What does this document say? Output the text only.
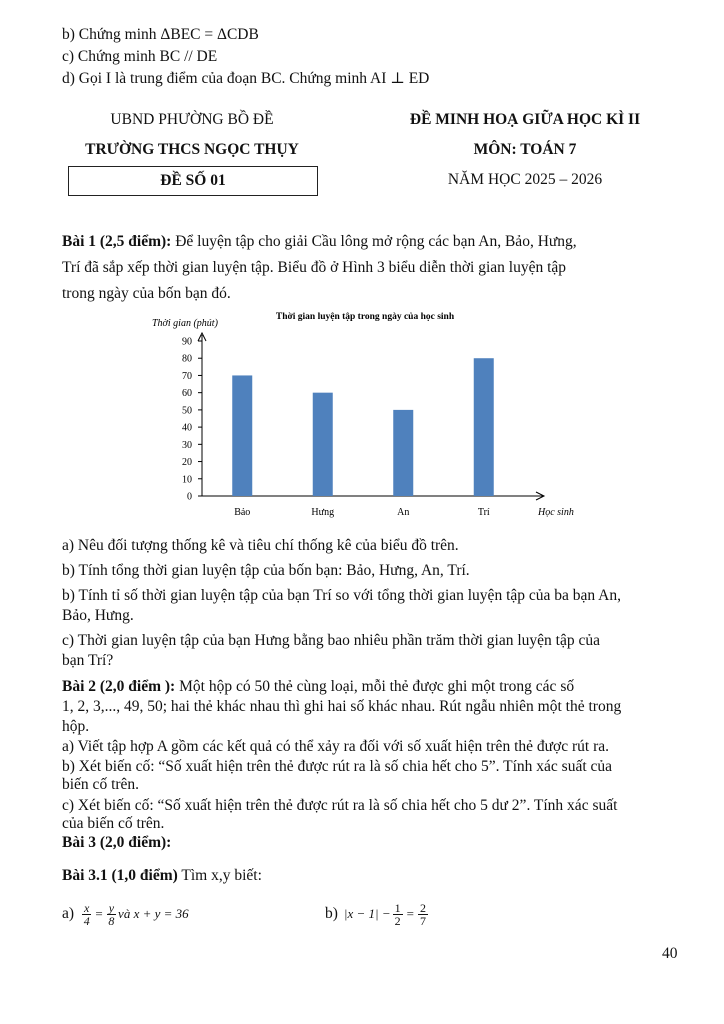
b) Chứng minh ΔBEC = ΔCDB
c) Chứng minh BC // DE
d) Gọi I là trung điểm của đoạn BC. Chứng minh AI ⊥ ED
UBND PHƯỜNG BỒ ĐỀ
TRƯỜNG THCS NGỌC THỤY
ĐỀ SỐ 01
ĐỀ MINH HOẠ GIỮA HỌC KÌ II
MÔN: TOÁN 7
NĂM HỌC 2025 – 2026
Bài 1 (2,5 điểm): Để luyện tập cho giải Cầu lông mở rộng các bạn An, Bảo, Hưng,
Trí đã sắp xếp thời gian luyện tập. Biểu đồ ở Hình 3 biểu diễn thời gian luyện tập
trong ngày của bốn bạn đó.
Thời gian (phút)
Thời gian luyện tập trong ngày của học sinh
0
10
20
30
40
50
60
70
80
90
Bảo	Hưng	An	Trí	Học sinh
a) Nêu đối tượng thống kê và tiêu chí thống kê của biểu đồ trên.
b) Tính tổng thời gian luyện tập của bốn bạn: Bảo, Hưng, An, Trí.
b) Tính tỉ số thời gian luyện tập của bạn Trí so với tổng thời gian luyện tập của ba bạn An,
Bảo, Hưng.
c) Thời gian luyện tập của bạn Hưng bằng bao nhiêu phần trăm thời gian luyện tập của
bạn Trí?
Bài 2 (2,0 điểm ): Một hộp có 50 thẻ cùng loại, mỗi thẻ được ghi một trong các số
1, 2, 3,..., 49, 50; hai thẻ khác nhau thì ghi hai số khác nhau. Rút ngẫu nhiên một thẻ trong
hộp.
a) Viết tập hợp A gồm các kết quả có thể xảy ra đối với số xuất hiện trên thẻ được rút ra.
b) Xét biến cố: “Số xuất hiện trên thẻ được rút ra là số chia hết cho 5”. Tính xác suất của
biến cố trên.
c) Xét biến cố: “Số xuất hiện trên thẻ được rút ra là số chia hết cho 5 dư 2”. Tính xác suất
của biến cố trên.
Bài 3 (2,0 điểm):
Bài 3.1 (1,0 điểm) Tìm x,y biết:
$a) \frac{x}{4} = \frac{y}{8}$ và x + y = 36	b) $|x - 1| - \frac{1}{2} = \frac{2}{7}$
40
